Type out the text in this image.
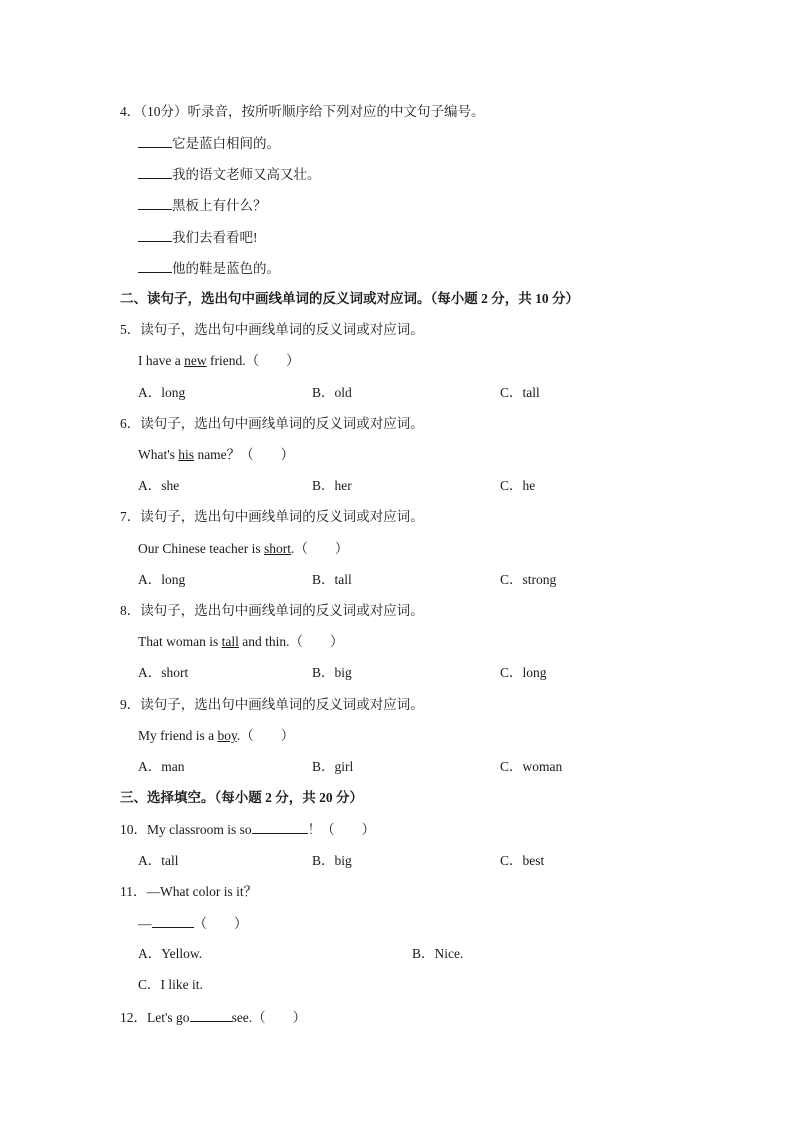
4．（10分）听录音，按所听顺序给下列对应的中文句子编号。
它是蓝白相间的。
我的语文老师又高又壮。
黑板上有什么？
我们去看看吧!
他的鞋是蓝色的。
二、读句子，选出句中画线单词的反义词或对应词。（每小题 2 分，共 10 分）
5．读句子，选出句中画线单词的反义词或对应词。
I have a new friend.（　　）
A．long	B．old	C．tall
6．读句子，选出句中画线单词的反义词或对应词。
What's his name？（　　）
A．she	B．her	C．he
7．读句子，选出句中画线单词的反义词或对应词。
Our Chinese teacher is short.（　　）
A．long	B．tall	C．strong
8．读句子，选出句中画线单词的反义词或对应词。
That woman is tall and thin.（　　）
A．short	B．big	C．long
9．读句子，选出句中画线单词的反义词或对应词。
My friend is a boy.（　　）
A．man	B．girl	C．woman
三、选择填空。（每小题 2 分，共 20 分）
10．My classroom is so	！（　　）
A．tall	B．big	C．best
11．—What color is it？
—	（　　）
A．Yellow.	B．Nice.
C．I like it.
12．Let's go	see.（　　）
